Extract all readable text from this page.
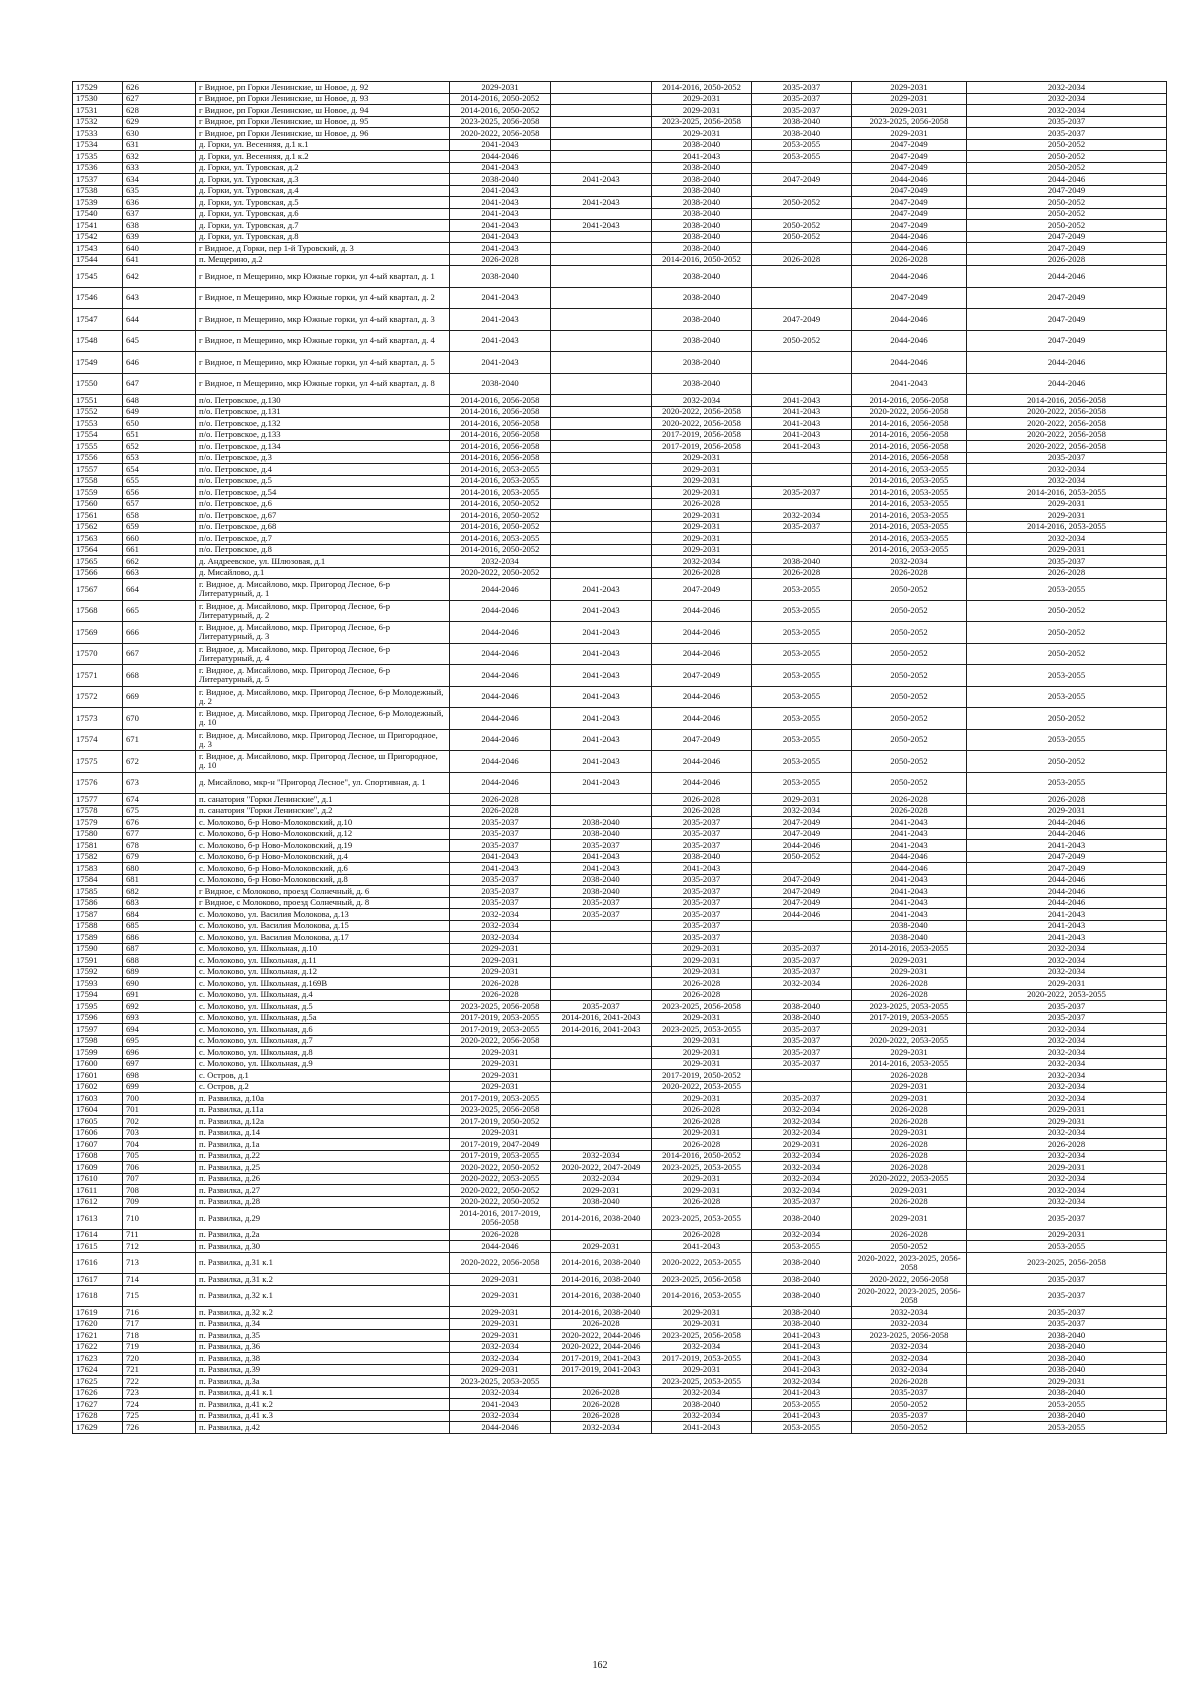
17529	626	г Видное, рп Горки Ленинские, ш Новое, д. 92	2029-2031		2014-2016, 2050-2052	2035-2037	2029-2031	2032-2034
17530	627	г Видное, рп Горки Ленинские, ш Новое, д. 93	2014-2016, 2050-2052		2029-2031	2035-2037	2029-2031	2032-2034
17531	628	г Видное, рп Горки Ленинские, ш Новое, д. 94	2014-2016, 2050-2052		2029-2031	2035-2037	2029-2031	2032-2034
17532	629	г Видное, рп Горки Ленинские, ш Новое, д. 95	2023-2025, 2056-2058		2023-2025, 2056-2058	2038-2040	2023-2025, 2056-2058	2035-2037
17533	630	г Видное, рп Горки Ленинские, ш Новое, д. 96	2020-2022, 2056-2058		2029-2031	2038-2040	2029-2031	2035-2037
17534	631	д. Горки, ул. Весенняя, д.1 к.1	2041-2043		2038-2040	2053-2055	2047-2049	2050-2052
17535	632	д. Горки, ул. Весенняя, д.1 к.2	2044-2046		2041-2043	2053-2055	2047-2049	2050-2052
17536	633	д. Горки, ул. Туровская, д.2	2041-2043		2038-2040		2047-2049	2050-2052
17537	634	д. Горки, ул. Туровская, д.3	2038-2040	2041-2043	2038-2040	2047-2049	2044-2046	2044-2046
17538	635	д. Горки, ул. Туровская, д.4	2041-2043		2038-2040		2047-2049	2047-2049
17539	636	д. Горки, ул. Туровская, д.5	2041-2043	2041-2043	2038-2040	2050-2052	2047-2049	2050-2052
17540	637	д. Горки, ул. Туровская, д.6	2041-2043		2038-2040		2047-2049	2050-2052
17541	638	д. Горки, ул. Туровская, д.7	2041-2043	2041-2043	2038-2040	2050-2052	2047-2049	2050-2052
17542	639	д. Горки, ул. Туровская, д.8	2041-2043		2038-2040	2050-2052	2044-2046	2047-2049
17543	640	г Видное, д Горки, пер 1-й Туровский, д. 3	2041-2043		2038-2040		2044-2046	2047-2049
17544	641	п. Мещерино, д.2	2026-2028		2014-2016, 2050-2052	2026-2028	2026-2028	2026-2028
17545	642	г Видное, п Мещерино, мкр Южные горки, ул 4-ый квартал, д. 1	2038-2040		2038-2040		2044-2046	2044-2046
17546	643	г Видное, п Мещерино, мкр Южные горки, ул 4-ый квартал, д. 2	2041-2043		2038-2040		2047-2049	2047-2049
17547	644	г Видное, п Мещерино, мкр Южные горки, ул 4-ый квартал, д. 3	2041-2043		2038-2040	2047-2049	2044-2046	2047-2049
17548	645	г Видное, п Мещерино, мкр Южные горки, ул 4-ый квартал, д. 4	2041-2043		2038-2040	2050-2052	2044-2046	2047-2049
17549	646	г Видное, п Мещерино, мкр Южные горки, ул 4-ый квартал, д. 5	2041-2043		2038-2040		2044-2046	2044-2046
17550	647	г Видное, п Мещерино, мкр Южные горки, ул 4-ый квартал, д. 8	2038-2040		2038-2040		2041-2043	2044-2046
17551	648	п/о. Петровское, д.130	2014-2016, 2056-2058		2032-2034	2041-2043	2014-2016, 2056-2058	2014-2016, 2056-2058
17552	649	п/о. Петровское, д.131	2014-2016, 2056-2058		2020-2022, 2056-2058	2041-2043	2020-2022, 2056-2058	2020-2022, 2056-2058
17553	650	п/о. Петровское, д.132	2014-2016, 2056-2058		2020-2022, 2056-2058	2041-2043	2014-2016, 2056-2058	2020-2022, 2056-2058
17554	651	п/о. Петровское, д.133	2014-2016, 2056-2058		2017-2019, 2056-2058	2041-2043	2014-2016, 2056-2058	2020-2022, 2056-2058
17555	652	п/о. Петровское, д.134	2014-2016, 2056-2058		2017-2019, 2056-2058	2041-2043	2014-2016, 2056-2058	2020-2022, 2056-2058
17556	653	п/о. Петровское, д.3	2014-2016, 2056-2058		2029-2031		2014-2016, 2056-2058	2035-2037
17557	654	п/о. Петровское, д.4	2014-2016, 2053-2055		2029-2031		2014-2016, 2053-2055	2032-2034
17558	655	п/о. Петровское, д.5	2014-2016, 2053-2055		2029-2031		2014-2016, 2053-2055	2032-2034
17559	656	п/о. Петровское, д.54	2014-2016, 2053-2055		2029-2031	2035-2037	2014-2016, 2053-2055	2014-2016, 2053-2055
17560	657	п/о. Петровское, д.6	2014-2016, 2050-2052		2026-2028		2014-2016, 2053-2055	2029-2031
17561	658	п/о. Петровское, д.67	2014-2016, 2050-2052		2029-2031	2032-2034	2014-2016, 2053-2055	2029-2031
17562	659	п/о. Петровское, д.68	2014-2016, 2050-2052		2029-2031	2035-2037	2014-2016, 2053-2055	2014-2016, 2053-2055
17563	660	п/о. Петровское, д.7	2014-2016, 2053-2055		2029-2031		2014-2016, 2053-2055	2032-2034
17564	661	п/о. Петровское, д.8	2014-2016, 2050-2052		2029-2031		2014-2016, 2053-2055	2029-2031
17565	662	д. Андреевское, ул. Шлюзовая, д.1	2032-2034		2032-2034	2038-2040	2032-2034	2035-2037
17566	663	д. Мисайлово, д.1	2020-2022, 2050-2052		2026-2028	2026-2028	2026-2028	2026-2028
17567	664	г. Видное, д. Мисайлово, мкр. Пригород Лесное, 6-р Литературный, д. 1	2044-2046	2041-2043	2047-2049	2053-2055	2050-2052	2053-2055
17568	665	г. Видное, д. Мисайлово, мкр. Пригород Лесное, 6-р Литературный, д. 2	2044-2046	2041-2043	2044-2046	2053-2055	2050-2052	2050-2052
17569	666	г. Видное, д. Мисайлово, мкр. Пригород Лесное, 6-р Литературный, д. 3	2044-2046	2041-2043	2044-2046	2053-2055	2050-2052	2050-2052
17570	667	г. Видное, д. Мисайлово, мкр. Пригород Лесное, 6-р Литературный, д. 4	2044-2046	2041-2043	2044-2046	2053-2055	2050-2052	2050-2052
17571	668	г. Видное, д. Мисайлово, мкр. Пригород Лесное, 6-р Литературный, д. 5	2044-2046	2041-2043	2047-2049	2053-2055	2050-2052	2053-2055
17572	669	г. Видное, д. Мисайлово, мкр. Пригород Лесное, 6-р Молодежный, д. 2	2044-2046	2041-2043	2044-2046	2053-2055	2050-2052	2053-2055
17573	670	г. Видное, д. Мисайлово, мкр. Пригород Лесное, 6-р Молодежный, д. 10	2044-2046	2041-2043	2044-2046	2053-2055	2050-2052	2050-2052
17574	671	г. Видное, д. Мисайлово, мкр. Пригород Лесное, ш Пригородное, д. 3	2044-2046	2041-2043	2047-2049	2053-2055	2050-2052	2053-2055
17575	672	г. Видное, д. Мисайлово, мкр. Пригород Лесное, ш Пригородное, д. 10	2044-2046	2041-2043	2044-2046	2053-2055	2050-2052	2050-2052
17576	673	д. Мисайлово, мкр-н "Пригород Лесное", ул. Спортивная, д. 1	2044-2046	2041-2043	2044-2046	2053-2055	2050-2052	2053-2055
17577	674	п. санатория "Горки Ленинские", д.1	2026-2028		2026-2028	2029-2031	2026-2028	2026-2028
17578	675	п. санатория "Горки Ленинские", д.2	2026-2028		2026-2028	2032-2034	2026-2028	2029-2031
17579	676	с. Молоково, б-р Ново-Молоковский, д.10	2035-2037	2038-2040	2035-2037	2047-2049	2041-2043	2044-2046
17580	677	с. Молоково, б-р Ново-Молоковский, д.12	2035-2037	2038-2040	2035-2037	2047-2049	2041-2043	2044-2046
17581	678	с. Молоково, б-р Ново-Молоковский, д.19	2035-2037	2035-2037	2035-2037	2044-2046	2041-2043	2041-2043
17582	679	с. Молоково, б-р Ново-Молоковский, д.4	2041-2043	2041-2043	2038-2040	2050-2052	2044-2046	2047-2049
17583	680	с. Молоково, б-р Ново-Молоковский, д.6	2041-2043	2041-2043	2041-2043		2044-2046	2047-2049
17584	681	с. Молоково, б-р Ново-Молоковский, д.8	2035-2037	2038-2040	2035-2037	2047-2049	2041-2043	2044-2046
17585	682	г Видное, с Молоково, проезд Солнечный, д. 6	2035-2037	2038-2040	2035-2037	2047-2049	2041-2043	2044-2046
17586	683	г Видное, с Молоково, проезд Солнечный, д. 8	2035-2037	2035-2037	2035-2037	2047-2049	2041-2043	2044-2046
17587	684	с. Молоково, ул. Василия Молокова, д.13	2032-2034	2035-2037	2035-2037	2044-2046	2041-2043	2041-2043
17588	685	с. Молоково, ул. Василия Молокова, д.15	2032-2034		2035-2037		2038-2040	2041-2043
17589	686	с. Молоково, ул. Василия Молокова, д.17	2032-2034		2035-2037		2038-2040	2041-2043
17590	687	с. Молоково, ул. Школьная, д.10	2029-2031		2029-2031	2035-2037	2014-2016, 2053-2055	2032-2034
17591	688	с. Молоково, ул. Школьная, д.11	2029-2031		2029-2031	2035-2037	2029-2031	2032-2034
17592	689	с. Молоково, ул. Школьная, д.12	2029-2031		2029-2031	2035-2037	2029-2031	2032-2034
17593	690	с. Молоково, ул. Школьная, д.169В	2026-2028		2026-2028	2032-2034	2026-2028	2029-2031
17594	691	с. Молоково, ул. Школьная, д.4	2026-2028		2026-2028		2026-2028	2020-2022, 2053-2055
17595	692	с. Молоково, ул. Школьная, д.5	2023-2025, 2056-2058	2035-2037	2023-2025, 2056-2058	2038-2040	2023-2025, 2053-2055	2035-2037
17596	693	с. Молоково, ул. Школьная, д.5а	2017-2019, 2053-2055	2014-2016, 2041-2043	2029-2031	2038-2040	2017-2019, 2053-2055	2035-2037
17597	694	с. Молоково, ул. Школьная, д.6	2017-2019, 2053-2055	2014-2016, 2041-2043	2023-2025, 2053-2055	2035-2037	2029-2031	2032-2034
17598	695	с. Молоково, ул. Школьная, д.7	2020-2022, 2056-2058		2029-2031	2035-2037	2020-2022, 2053-2055	2032-2034
17599	696	с. Молоково, ул. Школьная, д.8	2029-2031		2029-2031	2035-2037	2029-2031	2032-2034
17600	697	с. Молоково, ул. Школьная, д.9	2029-2031		2029-2031	2035-2037	2014-2016, 2053-2055	2032-2034
17601	698	с. Остров, д.1	2029-2031		2017-2019, 2050-2052		2026-2028	2032-2034
17602	699	с. Остров, д.2	2029-2031		2020-2022, 2053-2055		2029-2031	2032-2034
17603	700	п. Развилка, д.10а	2017-2019, 2053-2055		2029-2031	2035-2037	2029-2031	2032-2034
17604	701	п. Развилка, д.11а	2023-2025, 2056-2058		2026-2028	2032-2034	2026-2028	2029-2031
17605	702	п. Развилка, д.12а	2017-2019, 2050-2052		2026-2028	2032-2034	2026-2028	2029-2031
17606	703	п. Развилка, д.14	2029-2031		2029-2031	2032-2034	2029-2031	2032-2034
17607	704	п. Развилка, д.1а	2017-2019, 2047-2049		2026-2028	2029-2031	2026-2028	2026-2028
17608	705	п. Развилка, д.22	2017-2019, 2053-2055	2032-2034	2014-2016, 2050-2052	2032-2034	2026-2028	2032-2034
17609	706	п. Развилка, д.25	2020-2022, 2050-2052	2020-2022, 2047-2049	2023-2025, 2053-2055	2032-2034	2026-2028	2029-2031
17610	707	п. Развилка, д.26	2020-2022, 2053-2055	2032-2034	2029-2031	2032-2034	2020-2022, 2053-2055	2032-2034
17611	708	п. Развилка, д.27	2020-2022, 2050-2052	2029-2031	2029-2031	2032-2034	2029-2031	2032-2034
17612	709	п. Развилка, д.28	2020-2022, 2050-2052	2038-2040	2026-2028	2035-2037	2026-2028	2032-2034
17613	710	п. Развилка, д.29	2014-2016, 2017-2019, 2056-2058	2014-2016, 2038-2040	2023-2025, 2053-2055	2038-2040	2029-2031	2035-2037
17614	711	п. Развилка, д.2а	2026-2028		2026-2028	2032-2034	2026-2028	2029-2031
17615	712	п. Развилка, д.30	2044-2046	2029-2031	2041-2043	2053-2055	2050-2052	2053-2055
17616	713	п. Развилка, д.31 к.1	2020-2022, 2056-2058	2014-2016, 2038-2040	2020-2022, 2053-2055	2038-2040	2020-2022, 2023-2025, 2056-2058	2023-2025, 2056-2058
17617	714	п. Развилка, д.31 к.2	2029-2031	2014-2016, 2038-2040	2023-2025, 2056-2058	2038-2040	2020-2022, 2056-2058	2035-2037
17618	715	п. Развилка, д.32 к.1	2029-2031	2014-2016, 2038-2040	2014-2016, 2053-2055	2038-2040	2020-2022, 2023-2025, 2056-2058	2035-2037
17619	716	п. Развилка, д.32 к.2	2029-2031	2014-2016, 2038-2040	2029-2031	2038-2040	2032-2034	2035-2037
17620	717	п. Развилка, д.34	2029-2031	2026-2028	2029-2031	2038-2040	2032-2034	2035-2037
17621	718	п. Развилка, д.35	2029-2031	2020-2022, 2044-2046	2023-2025, 2056-2058	2041-2043	2023-2025, 2056-2058	2038-2040
17622	719	п. Развилка, д.36	2032-2034	2020-2022, 2044-2046	2032-2034	2041-2043	2032-2034	2038-2040
17623	720	п. Развилка, д.38	2032-2034	2017-2019, 2041-2043	2017-2019, 2053-2055	2041-2043	2032-2034	2038-2040
17624	721	п. Развилка, д.39	2029-2031	2017-2019, 2041-2043	2029-2031	2041-2043	2032-2034	2038-2040
17625	722	п. Развилка, д.3а	2023-2025, 2053-2055		2023-2025, 2053-2055	2032-2034	2026-2028	2029-2031
17626	723	п. Развилка, д.41 к.1	2032-2034	2026-2028	2032-2034	2041-2043	2035-2037	2038-2040
17627	724	п. Развилка, д.41 к.2	2041-2043	2026-2028	2038-2040	2053-2055	2050-2052	2053-2055
17628	725	п. Развилка, д.41 к.3	2032-2034	2026-2028	2032-2034	2041-2043	2035-2037	2038-2040
17629	726	п. Развилка, д.42	2044-2046	2032-2034	2041-2043	2053-2055	2050-2052	2053-2055
162
